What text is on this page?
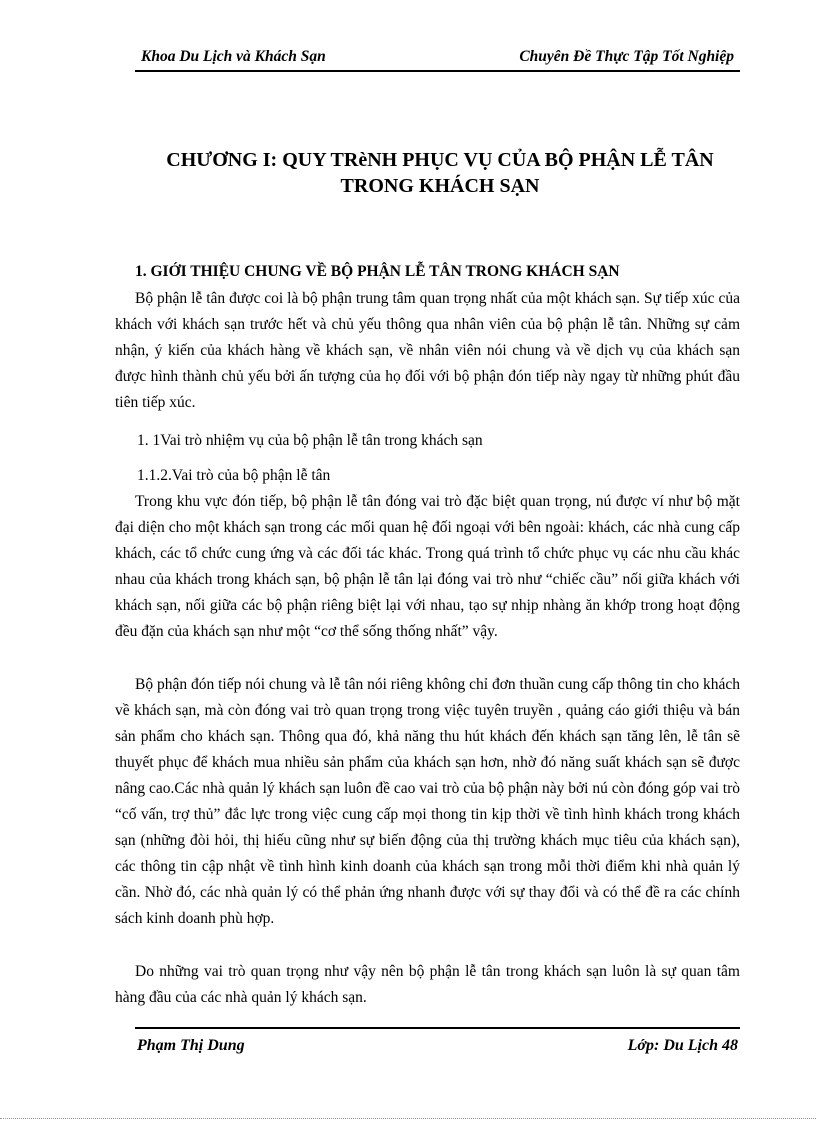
Khoa Du Lịch và Khách Sạn	Chuyên Đề Thực Tập Tốt Nghiệp
CHƯƠNG I: QUY TRèNH PHỤC VỤ CỦA BỘ PHẬN LỄ TÂN
TRONG KHÁCH SẠN
1. GIỚI THIỆU CHUNG VỀ BỘ PHẬN LỄ TÂN TRONG KHÁCH SẠN
Bộ phận lễ tân được coi là bộ phận trung tâm quan trọng nhất của một khách sạn. Sự tiếp xúc của khách với khách sạn trước hết và chủ yếu thông qua nhân viên của bộ phận lễ tân. Những sự cảm nhận, ý kiến của khách hàng về khách sạn, về nhân viên nói chung và về dịch vụ của khách sạn được hình thành chủ yếu bởi ấn tượng của họ đối với bộ phận đón tiếp này ngay từ những phút đầu tiên tiếp xúc.
1. 1Vai trò nhiệm vụ của bộ phận lễ tân trong khách sạn
1.1.2.Vai trò của bộ phận lễ tân
Trong khu vực đón tiếp, bộ phận lễ tân đóng vai trò đặc biệt quan trọng, nú được ví như bộ mặt đại diện cho một khách sạn trong các mối quan hệ đối ngoại với bên ngoài: khách, các nhà cung cấp khách, các tổ chức cung ứng và các đối tác khác. Trong quá trình tổ chức phục vụ các nhu cầu khác nhau của khách trong khách sạn, bộ phận lễ tân lại đóng vai trò như “chiếc cầu” nối giữa khách với khách sạn, nối giữa các bộ phận riêng biệt lại với nhau, tạo sự nhịp nhàng ăn khớp trong hoạt động đều đặn của khách sạn như một “cơ thể sống thống nhất” vậy.
Bộ phận đón tiếp nói chung và lễ tân nói riêng không chỉ đơn thuần cung cấp thông tin cho khách về khách sạn, mà còn đóng vai trò quan trọng trong việc tuyên truyền , quảng cáo giới thiệu và bán sản phẩm cho khách sạn. Thông qua đó, khả năng thu hút khách đến khách sạn tăng lên, lễ tân sẽ thuyết phục để khách mua nhiều sản phẩm của khách sạn hơn, nhờ đó năng suất khách sạn sẽ được nâng cao.Các nhà quản lý khách sạn luôn đề cao vai trò của bộ phận này bởi nú còn đóng góp vai trò “cố vấn, trợ thủ” đắc lực trong việc cung cấp mọi thong tin kịp thời về tình hình khách trong khách sạn (những đòi hỏi, thị hiếu cũng như sự biến động của thị trường khách mục tiêu của khách sạn), các thông tin cập nhật về tình hình kinh doanh của khách sạn trong mỗi thời điểm khi nhà quản lý cần. Nhờ đó, các nhà quản lý có thể phản ứng nhanh được với sự thay đổi và có thể đề ra các chính sách kinh doanh phù hợp.
Do những vai trò quan trọng như vậy nên bộ phận lễ tân trong khách sạn luôn là sự quan tâm hàng đầu của các nhà quản lý khách sạn.
Phạm Thị Dung	Lớp: Du Lịch 48
